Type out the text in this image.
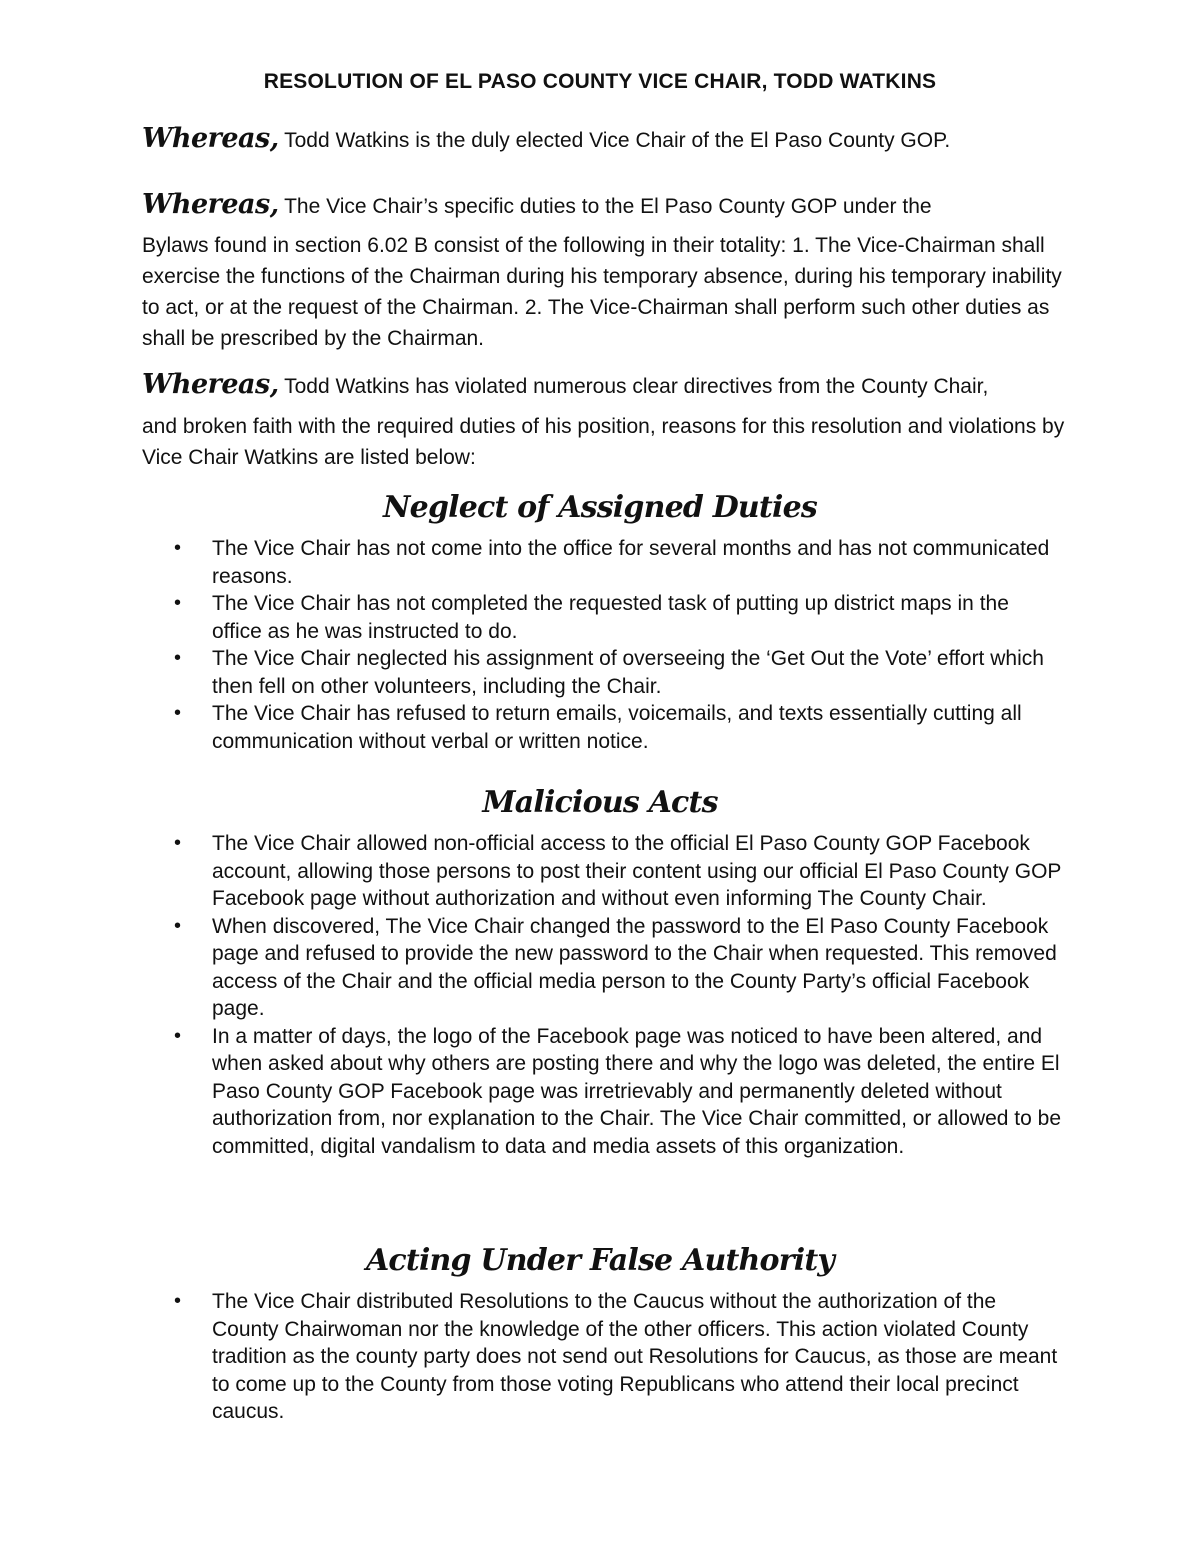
RESOLUTION OF EL PASO COUNTY VICE CHAIR, TODD WATKINS

Whereas, Todd Watkins is the duly elected Vice Chair of the El Paso County GOP.

Whereas, The Vice Chair’s specific duties to the El Paso County GOP under the

Bylaws found in section 6.02 B consist of the following in their totality: 1. The Vice-Chairman shall exercise the functions of the Chairman during his temporary absence, during his temporary inability to act, or at the request of the Chairman. 2. The Vice-Chairman shall perform such other duties as shall be prescribed by the Chairman.

Whereas, Todd Watkins has violated numerous clear directives from the County Chair,

and broken faith with the required duties of his position, reasons for this resolution and violations by Vice Chair Watkins are listed below:

Neglect of Assigned Duties
• The Vice Chair has not come into the office for several months and has not communicated reasons.
• The Vice Chair has not completed the requested task of putting up district maps in the office as he was instructed to do.
• The Vice Chair neglected his assignment of overseeing the ‘Get Out the Vote’ effort which then fell on other volunteers, including the Chair.
• The Vice Chair has refused to return emails, voicemails, and texts essentially cutting all communication without verbal or written notice.
Malicious Acts
• The Vice Chair allowed non-official access to the official El Paso County GOP Facebook account, allowing those persons to post their content using our official El Paso County GOP Facebook page without authorization and without even informing The County Chair.
• When discovered, The Vice Chair changed the password to the El Paso County Facebook page and refused to provide the new password to the Chair when requested. This removed access of the Chair and the official media person to the County Party’s official Facebook page.
• In a matter of days, the logo of the Facebook page was noticed to have been altered, and when asked about why others are posting there and why the logo was deleted, the entire El Paso County GOP Facebook page was irretrievably and permanently deleted without authorization from, nor explanation to the Chair. The Vice Chair committed, or allowed to be committed, digital vandalism to data and media assets of this organization.
Acting Under False Authority
• The Vice Chair distributed Resolutions to the Caucus without the authorization of the County Chairwoman nor the knowledge of the other officers. This action violated County tradition as the county party does not send out Resolutions for Caucus, as those are meant to come up to the County from those voting Republicans who attend their local precinct caucus.
